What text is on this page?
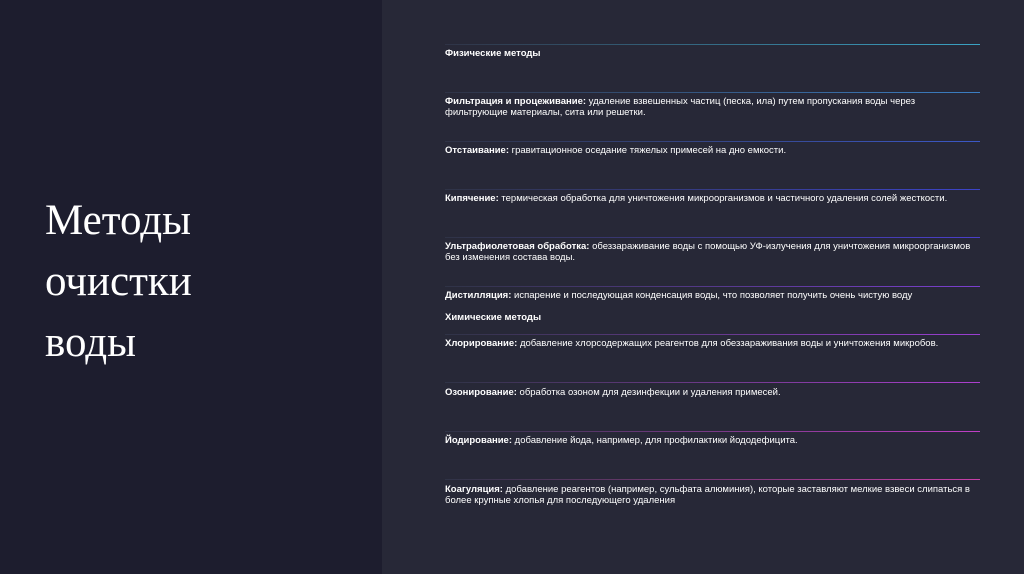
Методы
очистки
воды
Физические методы
Фильтрация и процеживание: удаление взвешенных частиц (песка, ила) путем пропускания воды через фильтрующие материалы, сита или решетки.
Отстаивание: гравитационное оседание тяжелых примесей на дно емкости.
Кипячение: термическая обработка для уничтожения микроорганизмов и частичного удаления солей жесткости.
Ультрафиолетовая обработка: обеззараживание воды с помощью УФ-излучения для уничтожения микроорганизмов без изменения состава воды.
Дистилляция: испарение и последующая конденсация воды, что позволяет получить очень чистую воду
Химические методы
Хлорирование: добавление хлорсодержащих реагентов для обеззараживания воды и уничтожения микробов.
Озонирование: обработка озоном для дезинфекции и удаления примесей.
Йодирование: добавление йода, например, для профилактики йододефицита.
Коагуляция: добавление реагентов (например, сульфата алюминия), которые заставляют мелкие взвеси слипаться в более крупные хлопья для последующего удаления
